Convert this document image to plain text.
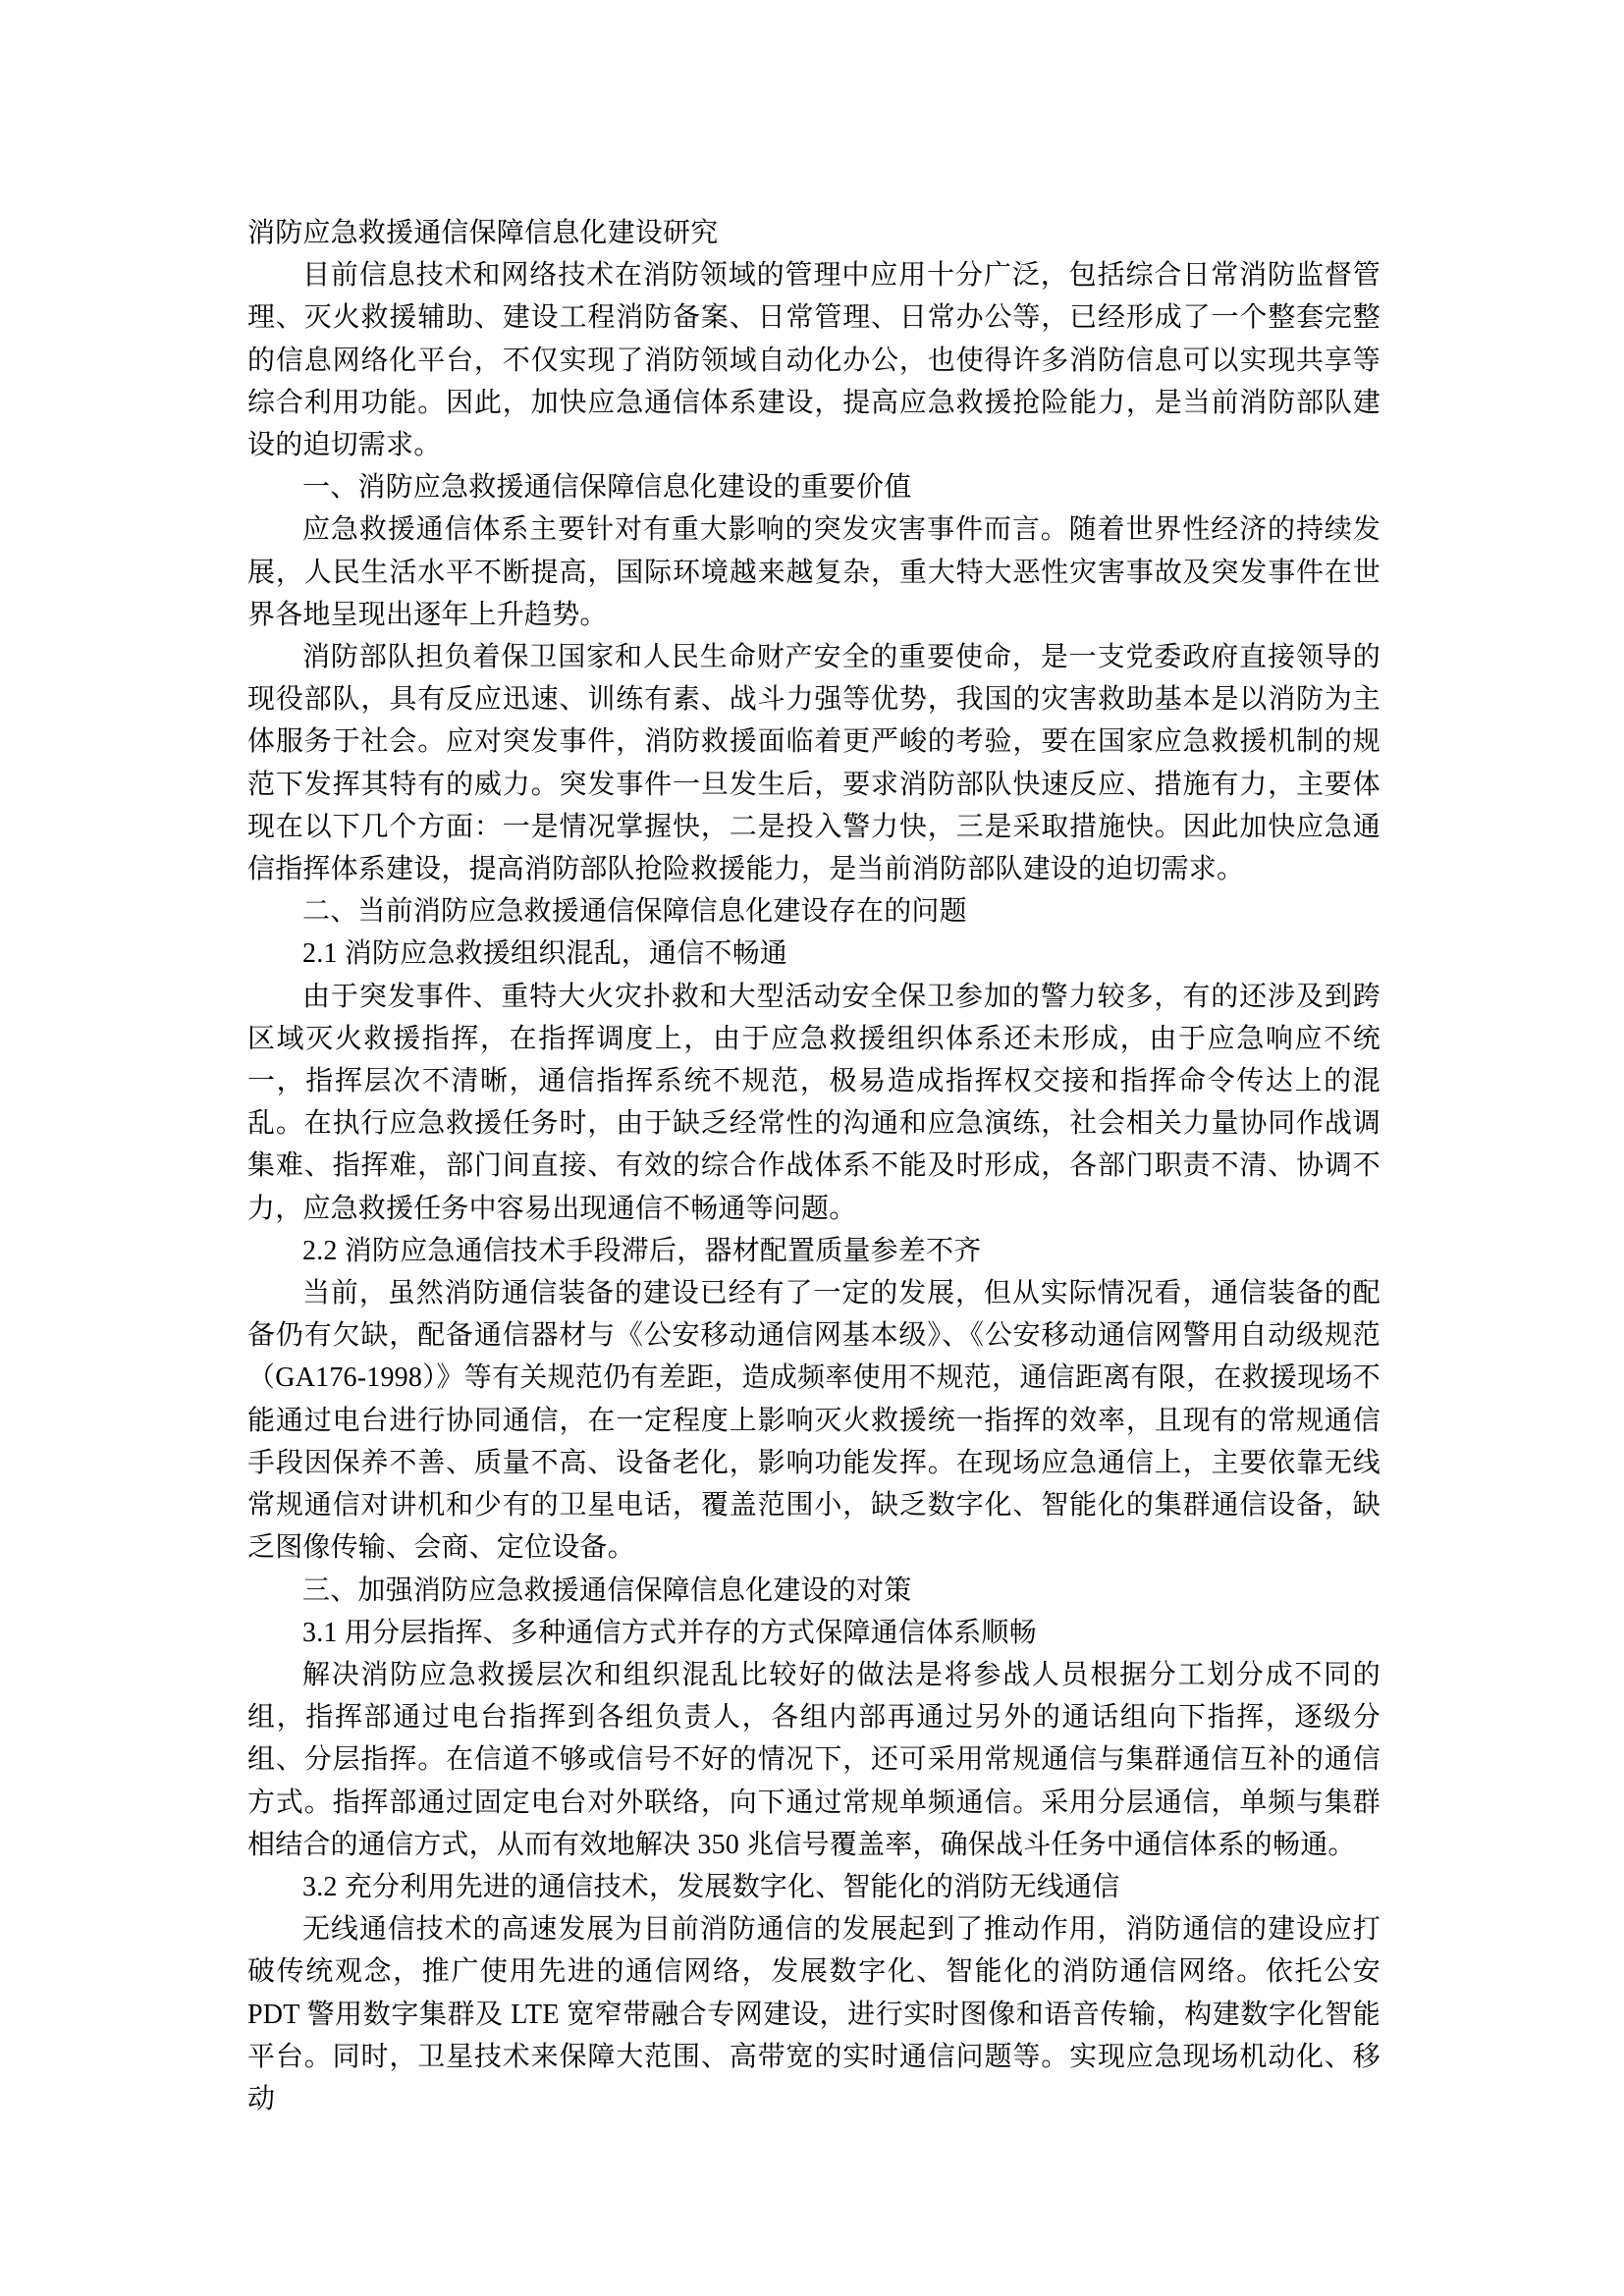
消防应急救援通信保障信息化建设研究

目前信息技术和网络技术在消防领域的管理中应用十分广泛，包括综合日常消防监督管理、灭火救援辅助、建设工程消防备案、日常管理、日常办公等，已经形成了一个整套完整的信息网络化平台，不仅实现了消防领域自动化办公，也使得许多消防信息可以实现共享等综合利用功能。因此，加快应急通信体系建设，提高应急救援抢险能力，是当前消防部队建设的迫切需求。

一、消防应急救援通信保障信息化建设的重要价值

应急救援通信体系主要针对有重大影响的突发灾害事件而言。随着世界性经济的持续发展，人民生活水平不断提高，国际环境越来越复杂，重大特大恶性灾害事故及突发事件在世界各地呈现出逐年上升趋势。

消防部队担负着保卫国家和人民生命财产安全的重要使命，是一支党委政府直接领导的现役部队，具有反应迅速、训练有素、战斗力强等优势，我国的灾害救助基本是以消防为主体服务于社会。应对突发事件，消防救援面临着更严峻的考验，要在国家应急救援机制的规范下发挥其特有的威力。突发事件一旦发生后，要求消防部队快速反应、措施有力，主要体现在以下几个方面：一是情况掌握快，二是投入警力快，三是采取措施快。因此加快应急通信指挥体系建设，提高消防部队抢险救援能力，是当前消防部队建设的迫切需求。

二、当前消防应急救援通信保障信息化建设存在的问题

2.1 消防应急救援组织混乱，通信不畅通

由于突发事件、重特大火灾扑救和大型活动安全保卫参加的警力较多，有的还涉及到跨区域灭火救援指挥，在指挥调度上，由于应急救援组织体系还未形成，由于应急响应不统一，指挥层次不清晰，通信指挥系统不规范，极易造成指挥权交接和指挥命令传达上的混乱。在执行应急救援任务时，由于缺乏经常性的沟通和应急演练，社会相关力量协同作战调集难、指挥难，部门间直接、有效的综合作战体系不能及时形成，各部门职责不清、协调不力，应急救援任务中容易出现通信不畅通等问题。

2.2 消防应急通信技术手段滞后，器材配置质量参差不齐

当前，虽然消防通信装备的建设已经有了一定的发展，但从实际情况看，通信装备的配备仍有欠缺，配备通信器材与《公安移动通信网基本级》、《公安移动通信网警用自动级规范（GA176-1998）》等有关规范仍有差距，造成频率使用不规范，通信距离有限，在救援现场不能通过电台进行协同通信，在一定程度上影响灭火救援统一指挥的效率，且现有的常规通信手段因保养不善、质量不高、设备老化，影响功能发挥。在现场应急通信上，主要依靠无线常规通信对讲机和少有的卫星电话，覆盖范围小，缺乏数字化、智能化的集群通信设备，缺乏图像传输、会商、定位设备。

三、加强消防应急救援通信保障信息化建设的对策

3.1 用分层指挥、多种通信方式并存的方式保障通信体系顺畅

解决消防应急救援层次和组织混乱比较好的做法是将参战人员根据分工划分成不同的组，指挥部通过电台指挥到各组负责人，各组内部再通过另外的通话组向下指挥，逐级分组、分层指挥。在信道不够或信号不好的情况下，还可采用常规通信与集群通信互补的通信方式。指挥部通过固定电台对外联络，向下通过常规单频通信。采用分层通信，单频与集群相结合的通信方式，从而有效地解决 350 兆信号覆盖率，确保战斗任务中通信体系的畅通。

3.2 充分利用先进的通信技术，发展数字化、智能化的消防无线通信

无线通信技术的高速发展为目前消防通信的发展起到了推动作用，消防通信的建设应打破传统观念，推广使用先进的通信网络，发展数字化、智能化的消防通信网络。依托公安 PDT 警用数字集群及 LTE 宽窄带融合专网建设，进行实时图像和语音传输，构建数字化智能平台。同时，卫星技术来保障大范围、高带宽的实时通信问题等。实现应急现场机动化、移动
